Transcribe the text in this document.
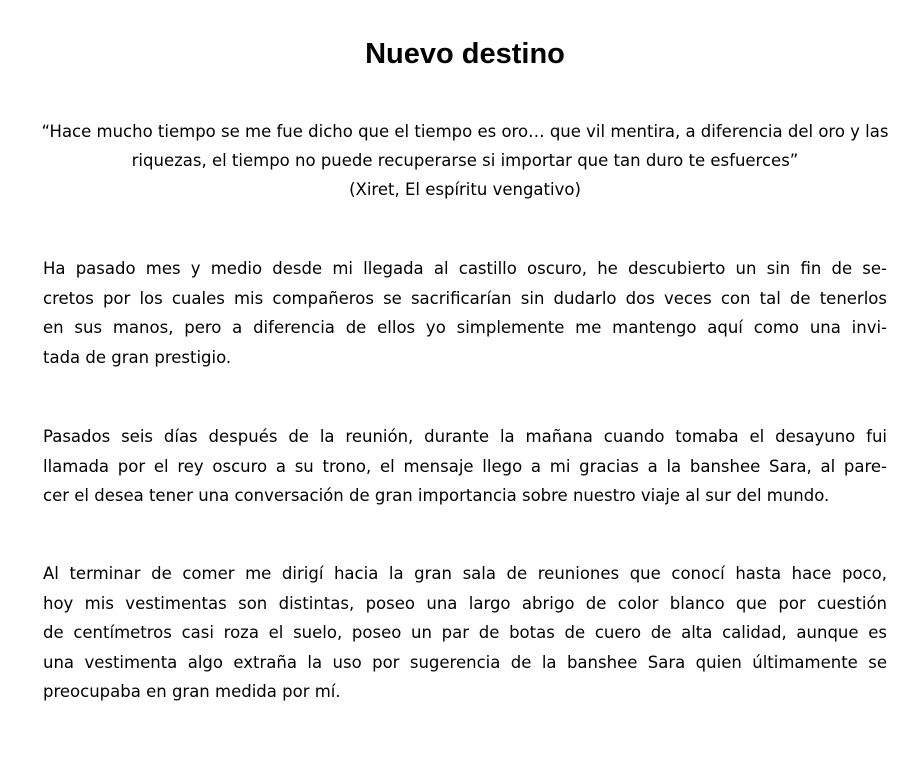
Nuevo destino
“Hace mucho tiempo se me fue dicho que el tiempo es oro… que vil mentira, a diferencia del oro y las riquezas, el tiempo no puede recuperarse si importar que tan duro te esfuerces”
(Xiret, El espíritu vengativo)
Ha pasado mes y medio desde mi llegada al castillo oscuro, he descubierto un sin fin de se-
cretos por los cuales mis compañeros se sacrificarían sin dudarlo dos veces con tal de tenerlos
en sus manos, pero a diferencia de ellos yo simplemente me mantengo aquí como una invi-
tada de gran prestigio.
Pasados seis días después de la reunión, durante la mañana cuando tomaba el desayuno fui
llamada por el rey oscuro a su trono, el mensaje llego a mi gracias a la banshee Sara, al pare-
cer el desea tener una conversación de gran importancia sobre nuestro viaje al sur del mundo.
Al terminar de comer me dirigí hacia la gran sala de reuniones que conocí hasta hace poco,
hoy mis vestimentas son distintas, poseo una largo abrigo de color blanco que por cuestión
de centímetros casi roza el suelo, poseo un par de botas de cuero de alta calidad, aunque es
una vestimenta algo extraña la uso por sugerencia de la banshee Sara quien últimamente se
preocupaba en gran medida por mí.
